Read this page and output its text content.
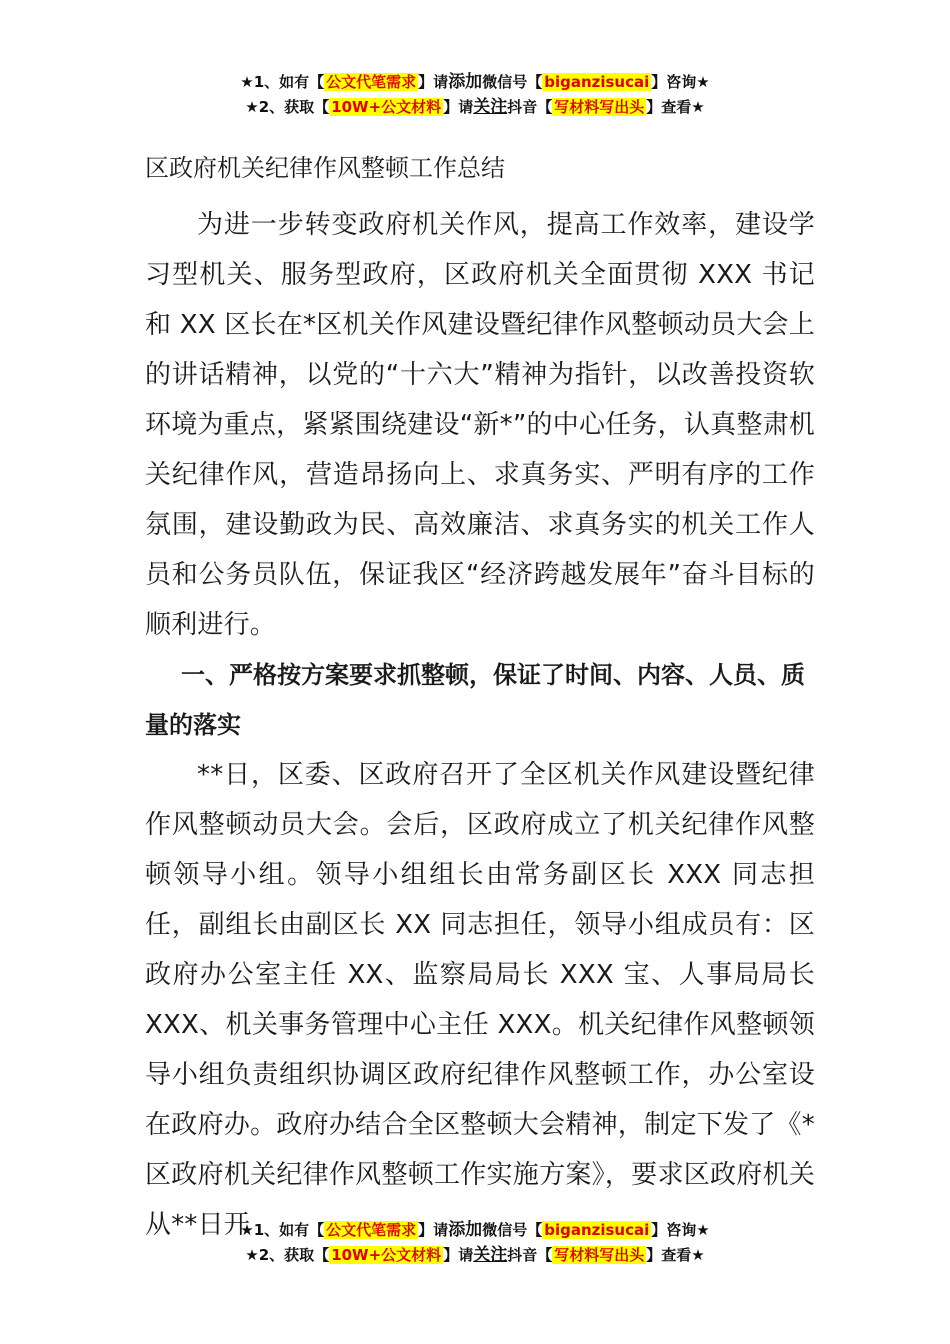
★1、如有【 公文代笔需求 】请添加微信号【 biganzisucai 】咨询★
★2、获取【 10W+公文材料 】请关注抖音【 写材料写出头 】查看★
区政府机关纪律作风整顿工作总结

为进一步转变政府机关作风，提高工作效率，建设学习型机关、服务型政府，区政府机关全面贯彻 XXX 书记和 XX 区长在*区机关作风建设暨纪律作风整顿动员大会上的讲话精神，以党的“十六大”精神为指针，以改善投资软环境为重点，紧紧围绕建设“新*”的中心任务，认真整肃机关纪律作风，营造昂扬向上、求真务实、严明有序的工作氛围，建设勤政为民、高效廉洁、求真务实的机关工作人员和公务员队伍，保证我区“经济跨越发展年”奋斗目标的顺利进行。

一、严格按方案要求抓整顿，保证了时间、内容、人员、质量的落实

**日，区委、区政府召开了全区机关作风建设暨纪律作风整顿动员大会。会后，区政府成立了机关纪律作风整顿领导小组。领导小组组长由常务副区长 XXX 同志担任，副组长由副区长 XX 同志担任，领导小组成员有：区政府办公室主任 XX、监察局局长 XXX 宝、人事局局长 XXX、机关事务管理中心主任 XXX。机关纪律作风整顿领导小组负责组织协调区政府纪律作风整顿工作，办公室设在政府办。政府办结合全区整顿大会精神，制定下发了《*区政府机关纪律作风整顿工作实施方案》，要求区政府机关从**日开

★1、如有【 公文代笔需求 】请添加微信号【 biganzisucai 】咨询★
★2、获取【 10W+公文材料 】请关注抖音【 写材料写出头 】查看★
